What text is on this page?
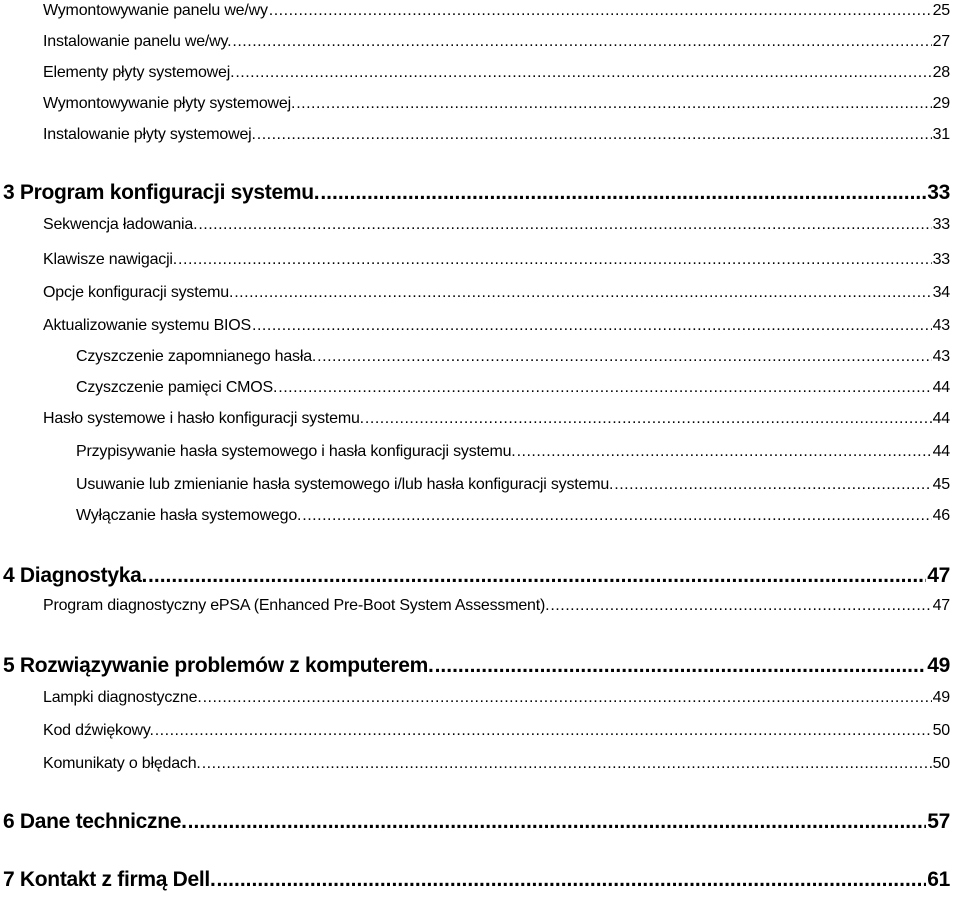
Wymontowywanie panelu we/wy .....	25
Instalowanie panelu we/wy. .....	27
Elementy płyty systemowej. .....	28
Wymontowywanie płyty systemowej. .....	29
Instalowanie płyty systemowej. .....	31
3 Program konfiguracji systemu. .....	33
Sekwencja ładowania. .....	33
Klawisze nawigacji. .....	33
Opcje konfiguracji systemu. .....	34
Aktualizowanie systemu BIOS .....	43
Czyszczenie zapomnianego hasła. .....	43
Czyszczenie pamięci CMOS. .....	44
Hasło systemowe i hasło konfiguracji systemu. .....	44
Przypisywanie hasła systemowego i hasła konfiguracji systemu. .....	44
Usuwanie lub zmienianie hasła systemowego i/lub hasła konfiguracji systemu. .....	45
Wyłączanie hasła systemowego. .....	46
4 Diagnostyka. .....	47
Program diagnostyczny ePSA (Enhanced Pre-Boot System Assessment). .....	47
5 Rozwiązywanie problemów z komputerem. .....	49
Lampki diagnostyczne. .....	49
Kod dźwiękowy. .....	50
Komunikaty o błędach. .....	50
6 Dane techniczne. .....	57
7 Kontakt z firmą Dell. .....	61
